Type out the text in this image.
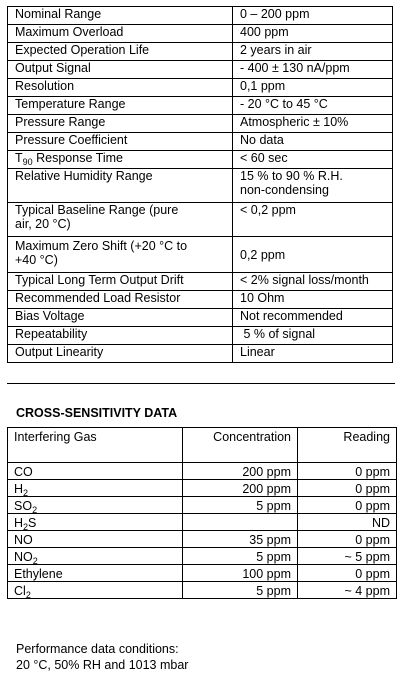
Nominal Range	0 – 200 ppm
Maximum Overload	400 ppm
Expected Operation Life	2 years in air
Output Signal	- 400 ± 130 nA/ppm
Resolution	0,1 ppm
Temperature Range	- 20 °C to 45 °C
Pressure Range	Atmospheric ± 10%
Pressure Coefficient	No data
$T_{90}$ Response Time	< 60 sec
Relative Humidity Range	15 % to 90 % R.H.
non-condensing

Typical Baseline Range (pure
air, 20 °C)	< 0,2 ppm

Maximum Zero Shift (+20 °C to
+40 °C)	0,2 ppm
Typical Long Term Output Drift	< 2% signal loss/month
Recommended Load Resistor	10 Ohm
Bias Voltage	Not recommended
Repeatability	5 % of signal
Output Linearity	Linear
CROSS-SENSITIVITY DATA
Interfering Gas	Concentration	Reading
CO	200 ppm	0 ppm
$H_2$	200 ppm	0 ppm
$SO_2$	5 ppm	0 ppm
$H_2S$		ND
NO	35 ppm	0 ppm
$NO_2$	5 ppm	~ 5 ppm
Ethylene	100 ppm	0 ppm
$Cl_2$	5 ppm	~ 4 ppm
Performance data conditions:
20 °C, 50% RH and 1013 mbar
